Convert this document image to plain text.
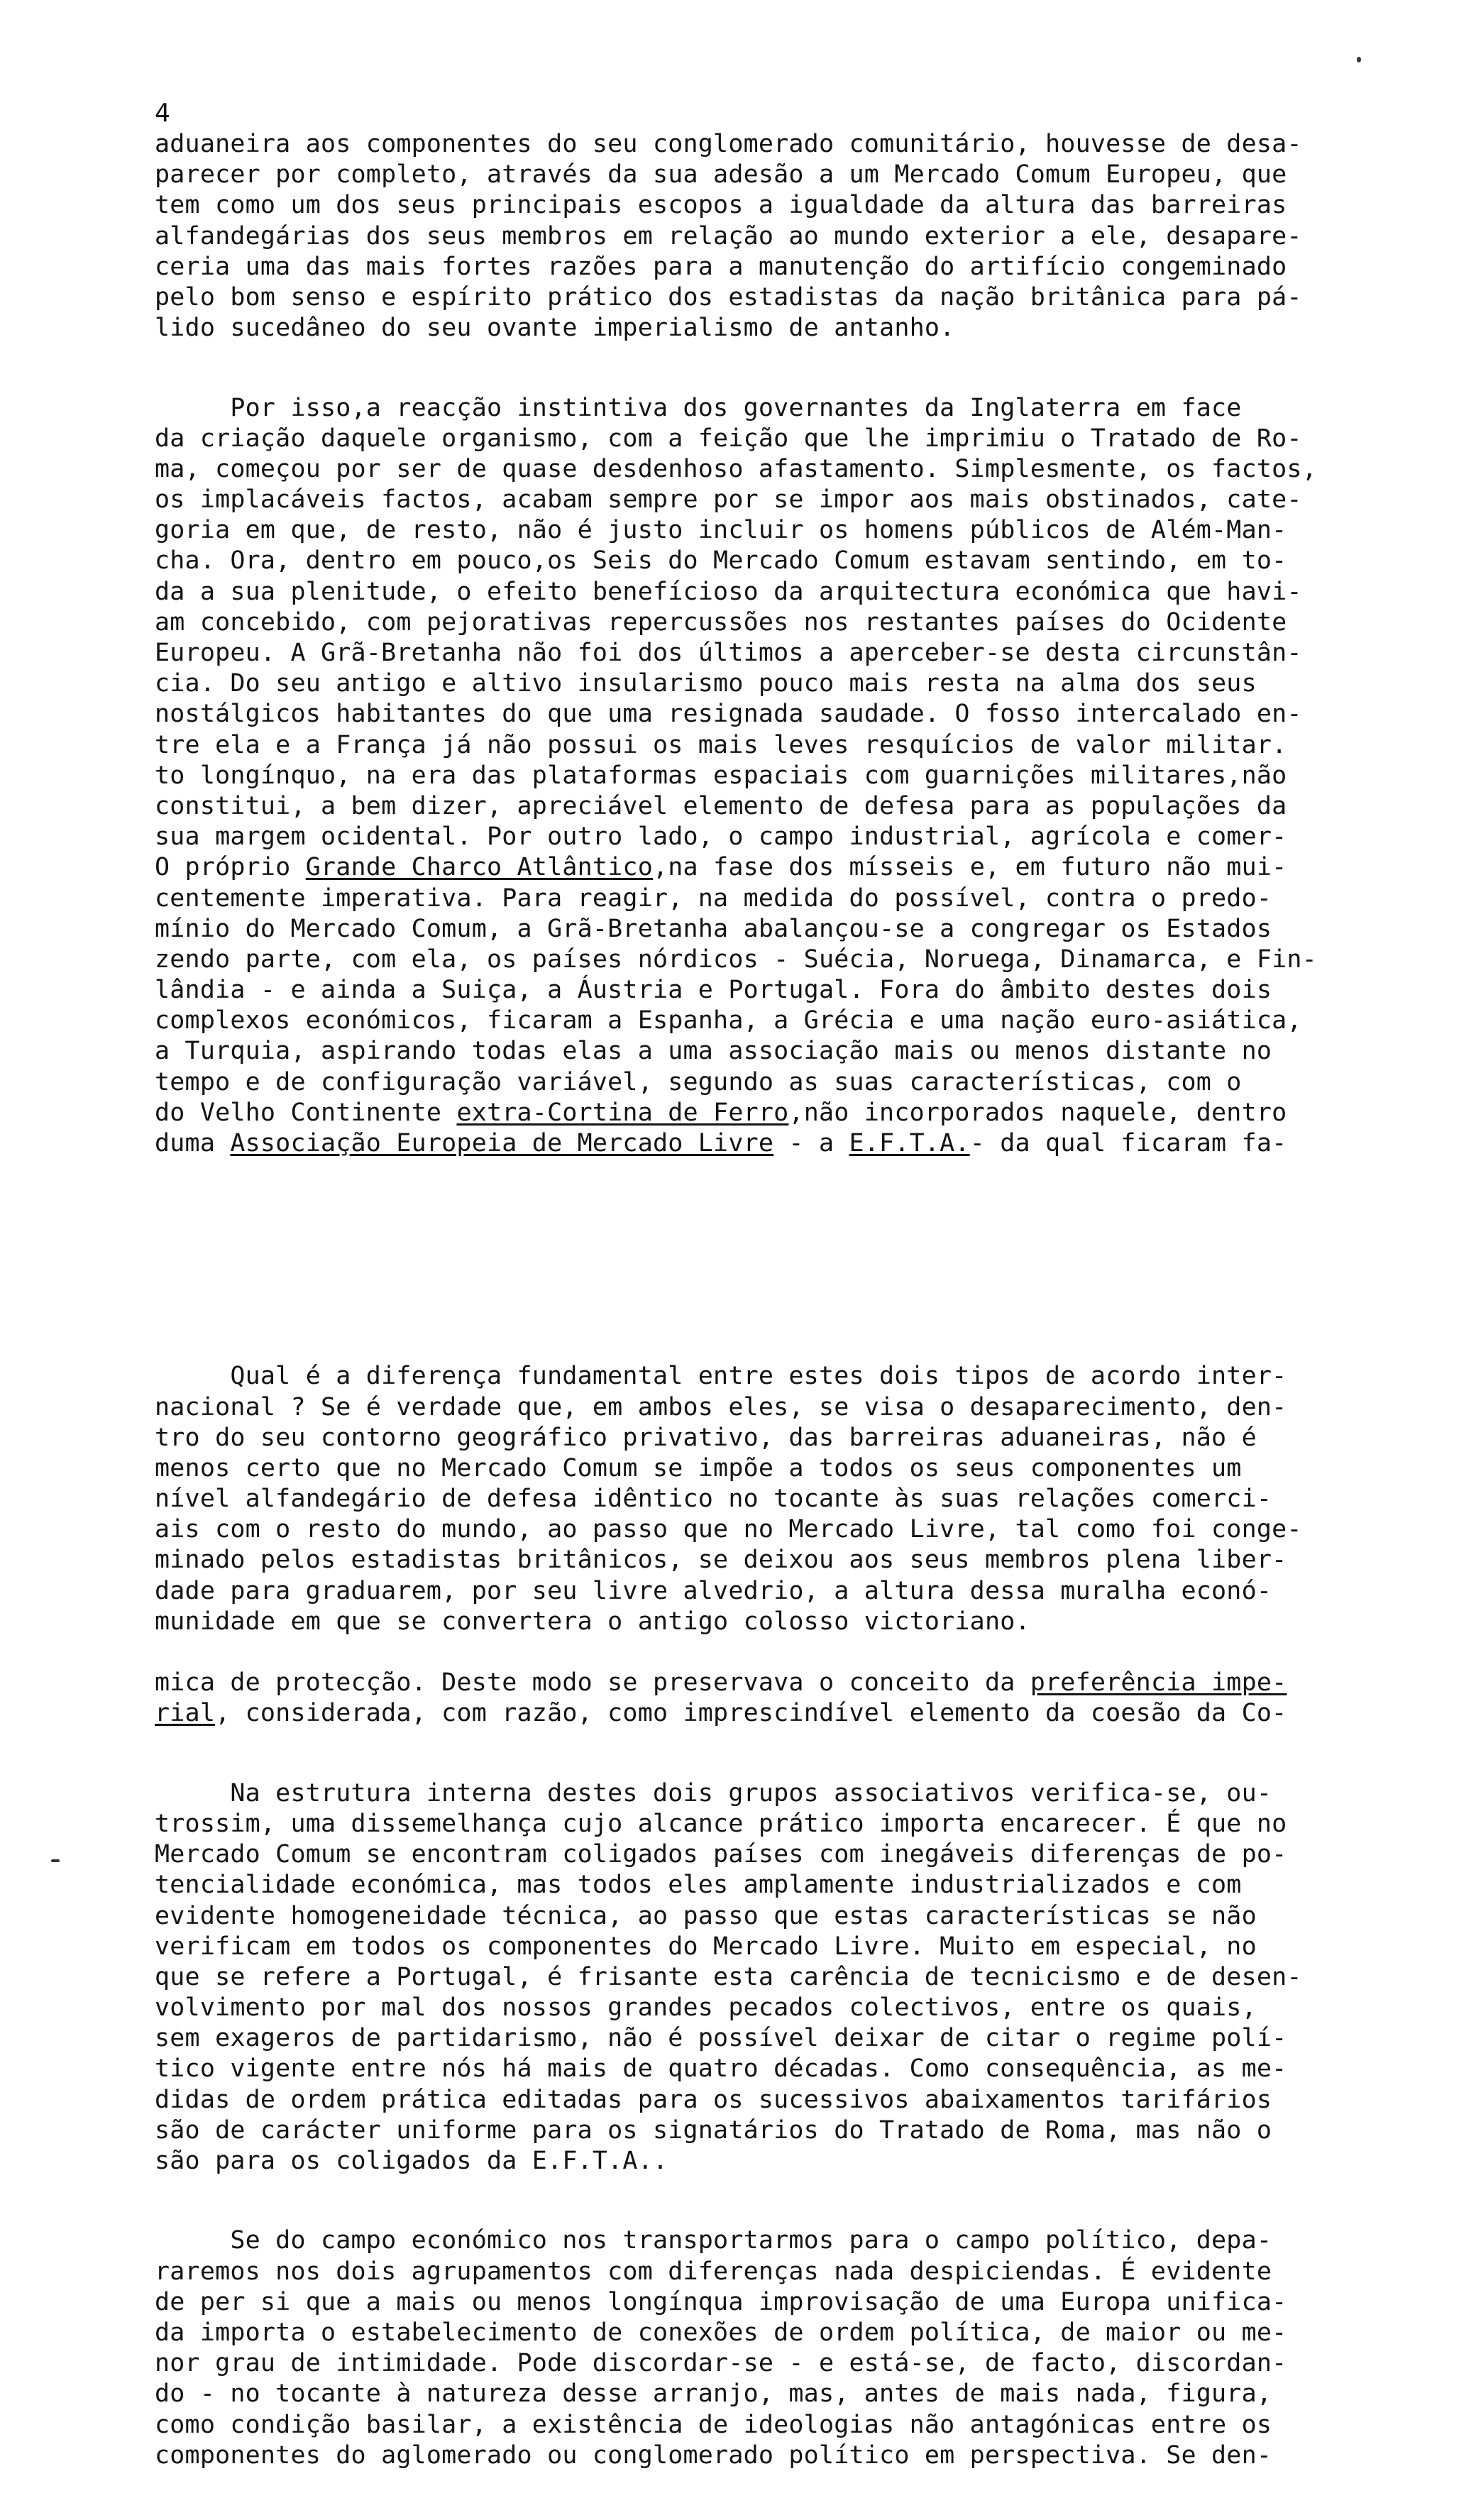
4
aduaneira aos componentes do seu conglomerado comunitário, houvesse de desa-
parecer por completo, através da sua adesão a um Mercado Comum Europeu, que
tem como um dos seus principais escopos a igualdade da altura das barreiras
alfandegárias dos seus membros em relação ao mundo exterior a ele, desapare-
ceria uma das mais fortes razões para a manutenção do artifício congeminado
pelo bom senso e espírito prático dos estadistas da nação britânica para pá-
lido sucedâneo do seu ovante imperialismo de antanho.
Por isso,a reacção instintiva dos governantes da Inglaterra em face
da criação daquele organismo, com a feição que lhe imprimiu o Tratado de Ro-
ma, começou por ser de quase desdenhoso afastamento. Simplesmente, os factos,
os implacáveis factos, acabam sempre por se impor aos mais obstinados, cate-
goria em que, de resto, não é justo incluir os homens públicos de Além-Man-
cha. Ora, dentro em pouco,os Seis do Mercado Comum estavam sentindo, em to-
da a sua plenitude, o efeito benefícioso da arquitectura económica que havi-
am concebido, com pejorativas repercussões nos restantes países do Ocidente
Europeu. A Grã-Bretanha não foi dos últimos a aperceber-se desta circunstân-
cia. Do seu antigo e altivo insularismo pouco mais resta na alma dos seus
nostálgicos habitantes do que uma resignada saudade. O fosso intercalado en-
tre ela e a França já não possui os mais leves resquícios de valor militar.
to longínquo, na era das plataformas espaciais com guarnições militares,não
constitui, a bem dizer, apreciável elemento de defesa para as populações da
sua margem ocidental. Por outro lado, o campo industrial, agrícola e comer-
O próprio Grande Charco Atlântico,na fase dos mísseis e, em futuro não mui-
centemente imperativa. Para reagir, na medida do possível, contra o predo-
mínio do Mercado Comum, a Grã-Bretanha abalançou-se a congregar os Estados
zendo parte, com ela, os países nórdicos - Suécia, Noruega, Dinamarca, e Fin-
lândia - e ainda a Suiça, a Áustria e Portugal. Fora do âmbito destes dois
complexos económicos, ficaram a Espanha, a Grécia e uma nação euro-asiática,
a Turquia, aspirando todas elas a uma associação mais ou menos distante no
tempo e de configuração variável, segundo as suas características, com o
do Velho Continente extra-Cortina de Ferro,não incorporados naquele, dentro
duma Associação Europeia de Mercado Livre - a E.F.T.A.- da qual ficaram fa-
Qual é a diferença fundamental entre estes dois tipos de acordo inter-
nacional ? Se é verdade que, em ambos eles, se visa o desaparecimento, den-
tro do seu contorno geográfico privativo, das barreiras aduaneiras, não é
menos certo que no Mercado Comum se impõe a todos os seus componentes um
nível alfandegário de defesa idêntico no tocante às suas relações comerci-
ais com o resto do mundo, ao passo que no Mercado Livre, tal como foi conge-
minado pelos estadistas britânicos, se deixou aos seus membros plena liber-
dade para graduarem, por seu livre alvedrio, a altura dessa muralha econó-
munidade em que se convertera o antigo colosso victoriano.
mica de protecção. Deste modo se preservava o conceito da preferência impe-
rial, considerada, com razão, como imprescindível elemento da coesão da Co-
Na estrutura interna destes dois grupos associativos verifica-se, ou-
trossim, uma dissemelhança cujo alcance prático importa encarecer. É que no
Mercado Comum se encontram coligados países com inegáveis diferenças de po-
tencialidade económica, mas todos eles amplamente industrializados e com
evidente homogeneidade técnica, ao passo que estas características se não
verificam em todos os componentes do Mercado Livre. Muito em especial, no
que se refere a Portugal, é frisante esta carência de tecnicismo e de desen-
volvimento por mal dos nossos grandes pecados colectivos, entre os quais,
sem exageros de partidarismo, não é possível deixar de citar o regime polí-
tico vigente entre nós há mais de quatro décadas. Como consequência, as me-
didas de ordem prática editadas para os sucessivos abaixamentos tarifários
são de carácter uniforme para os signatários do Tratado de Roma, mas não o
são para os coligados da E.F.T.A..
Se do campo económico nos transportarmos para o campo político, depa-
raremos nos dois agrupamentos com diferenças nada despiciendas. É evidente
de per si que a mais ou menos longínqua improvisação de uma Europa unifica-
da importa o estabelecimento de conexões de ordem política, de maior ou me-
nor grau de intimidade. Pode discordar-se - e está-se, de facto, discordan-
do - no tocante à natureza desse arranjo, mas, antes de mais nada, figura,
como condição basilar, a existência de ideologias não antagónicas entre os
componentes do aglomerado ou conglomerado político em perspectiva. Se den-
